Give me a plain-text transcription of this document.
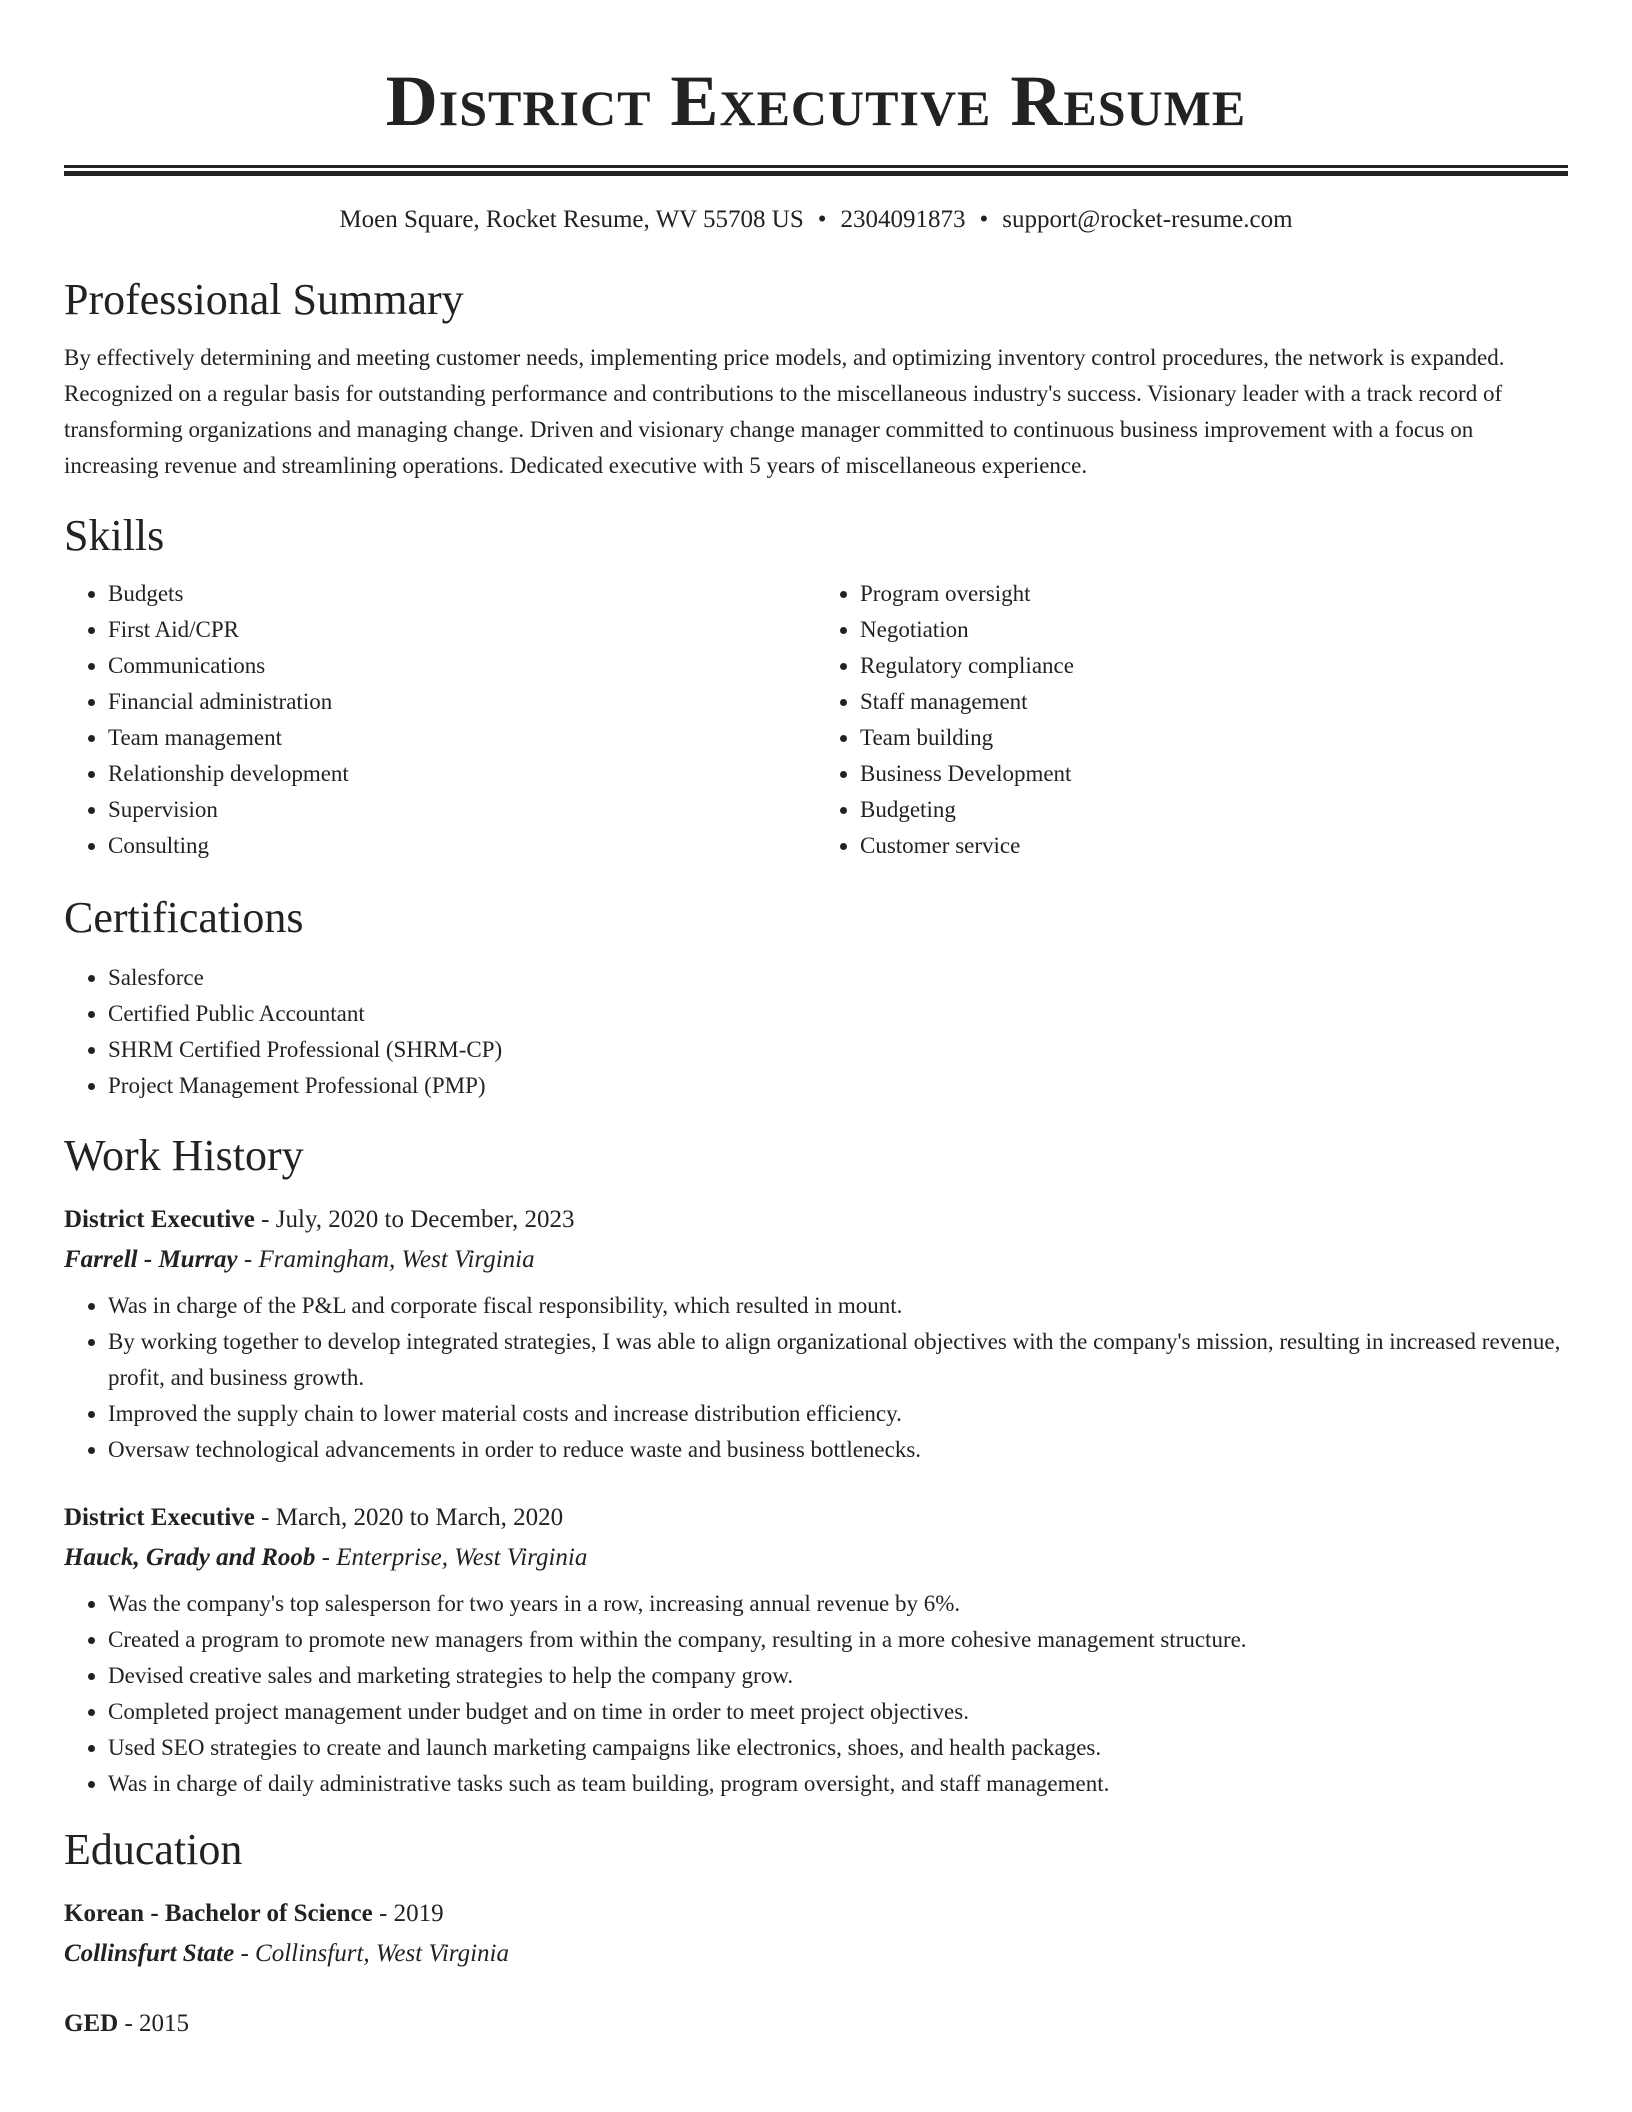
District Executive Resume
Moen Square, Rocket Resume, WV 55708 US • 2304091873 • support@rocket-resume.com
Professional Summary

By effectively determining and meeting customer needs, implementing price models, and optimizing inventory control procedures, the network is expanded. Recognized on a regular basis for outstanding performance and contributions to the miscellaneous industry's success. Visionary leader with a track record of transforming organizations and managing change. Driven and visionary change manager committed to continuous business improvement with a focus on increasing revenue and streamlining operations. Dedicated executive with 5 years of miscellaneous experience.

Skills
• Budgets
• First Aid/CPR
• Communications
• Financial administration
• Team management
• Relationship development
• Supervision
• Consulting
• Program oversight
• Negotiation
• Regulatory compliance
• Staff management
• Team building
• Business Development
• Budgeting
• Customer service
Certifications
• Salesforce
• Certified Public Accountant
• SHRM Certified Professional (SHRM-CP)
• Project Management Professional (PMP)
Work History
District Executive - July, 2020 to December, 2023
Farrell - Murray - Framingham, West Virginia
• Was in charge of the P&L and corporate fiscal responsibility, which resulted in mount.
• By working together to develop integrated strategies, I was able to align organizational objectives with the company's mission, resulting in increased revenue, profit, and business growth.
• Improved the supply chain to lower material costs and increase distribution efficiency.
• Oversaw technological advancements in order to reduce waste and business bottlenecks.
District Executive - March, 2020 to March, 2020
Hauck, Grady and Roob - Enterprise, West Virginia
• Was the company's top salesperson for two years in a row, increasing annual revenue by 6%.
• Created a program to promote new managers from within the company, resulting in a more cohesive management structure.
• Devised creative sales and marketing strategies to help the company grow.
• Completed project management under budget and on time in order to meet project objectives.
• Used SEO strategies to create and launch marketing campaigns like electronics, shoes, and health packages.
• Was in charge of daily administrative tasks such as team building, program oversight, and staff management.
Education
Korean - Bachelor of Science - 2019
Collinsfurt State - Collinsfurt, West Virginia
GED - 2015
